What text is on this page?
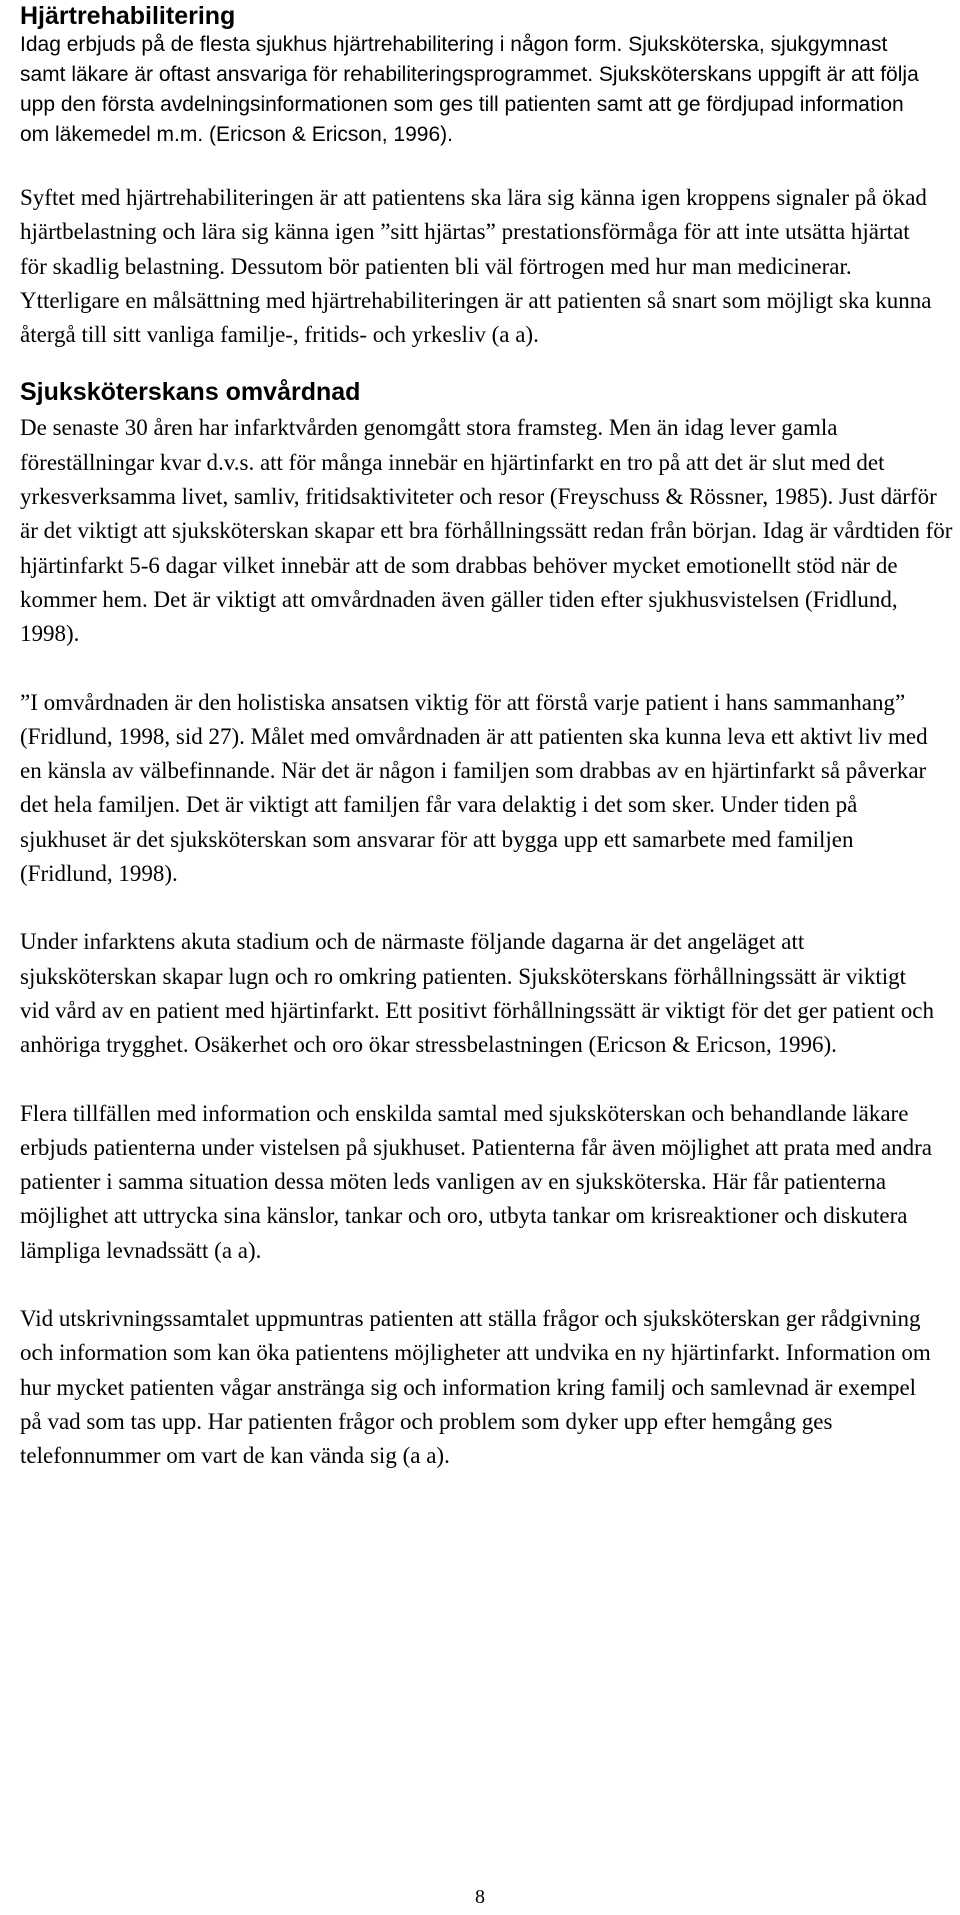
Hjärtrehabilitering

Idag erbjuds på de flesta sjukhus hjärtrehabilitering i någon form. Sjuksköterska, sjukgymnast samt läkare är oftast ansvariga för rehabiliteringsprogrammet. Sjuksköterskans uppgift är att följa upp den första avdelningsinformationen som ges till patienten samt att ge fördjupad information om läkemedel m.m. (Ericson & Ericson, 1996).

Syftet med hjärtrehabiliteringen är att patientens ska lära sig känna igen kroppens signaler på ökad hjärtbelastning och lära sig känna igen ”sitt hjärtas” prestationsförmåga för att inte utsätta hjärtat för skadlig belastning. Dessutom bör patienten bli väl förtrogen med hur man medicinerar. Ytterligare en målsättning med hjärtrehabiliteringen är att patienten så snart som möjligt ska kunna återgå till sitt vanliga familje-, fritids- och yrkesliv (a a).

Sjuksköterskans omvårdnad

De senaste 30 åren har infarktvården genomgått stora framsteg. Men än idag lever gamla föreställningar kvar d.v.s. att för många innebär en hjärtinfarkt en tro på att det är slut med det yrkesverksamma livet, samliv, fritidsaktiviteter och resor (Freyschuss & Rössner, 1985). Just därför är det viktigt att sjuksköterskan skapar ett bra förhållningssätt redan från början. Idag är vårdtiden för hjärtinfarkt 5-6 dagar vilket innebär att de som drabbas behöver mycket emotionellt stöd när de kommer hem. Det är viktigt att omvårdnaden även gäller tiden efter sjukhusvistelsen (Fridlund, 1998).

”I omvårdnaden är den holistiska ansatsen viktig för att förstå varje patient i hans sammanhang” (Fridlund, 1998, sid 27). Målet med omvårdnaden är att patienten ska kunna leva ett aktivt liv med en känsla av välbefinnande. När det är någon i familjen som drabbas av en hjärtinfarkt så påverkar det hela familjen. Det är viktigt att familjen får vara delaktig i det som sker. Under tiden på sjukhuset är det sjuksköterskan som ansvarar för att bygga upp ett samarbete med familjen (Fridlund, 1998).

Under infarktens akuta stadium och de närmaste följande dagarna är det angeläget att sjuksköterskan skapar lugn och ro omkring patienten. Sjuksköterskans förhållningssätt är viktigt vid vård av en patient med hjärtinfarkt. Ett positivt förhållningssätt är viktigt för det ger patient och anhöriga trygghet. Osäkerhet och oro ökar stressbelastningen (Ericson & Ericson, 1996).

Flera tillfällen med information och enskilda samtal med sjuksköterskan och behandlande läkare erbjuds patienterna under vistelsen på sjukhuset. Patienterna får även möjlighet att prata med andra patienter i samma situation dessa möten leds vanligen av en sjuksköterska. Här får patienterna möjlighet att uttrycka sina känslor, tankar och oro, utbyta tankar om krisreaktioner och diskutera lämpliga levnadssätt (a a).

Vid utskrivningssamtalet uppmuntras patienten att ställa frågor och sjuksköterskan ger rådgivning och information som kan öka patientens möjligheter att undvika en ny hjärtinfarkt. Information om hur mycket patienten vågar anstränga sig och information kring familj och samlevnad är exempel på vad som tas upp. Har patienten frågor och problem som dyker upp efter hemgång ges telefonnummer om vart de kan vända sig (a a).

8
